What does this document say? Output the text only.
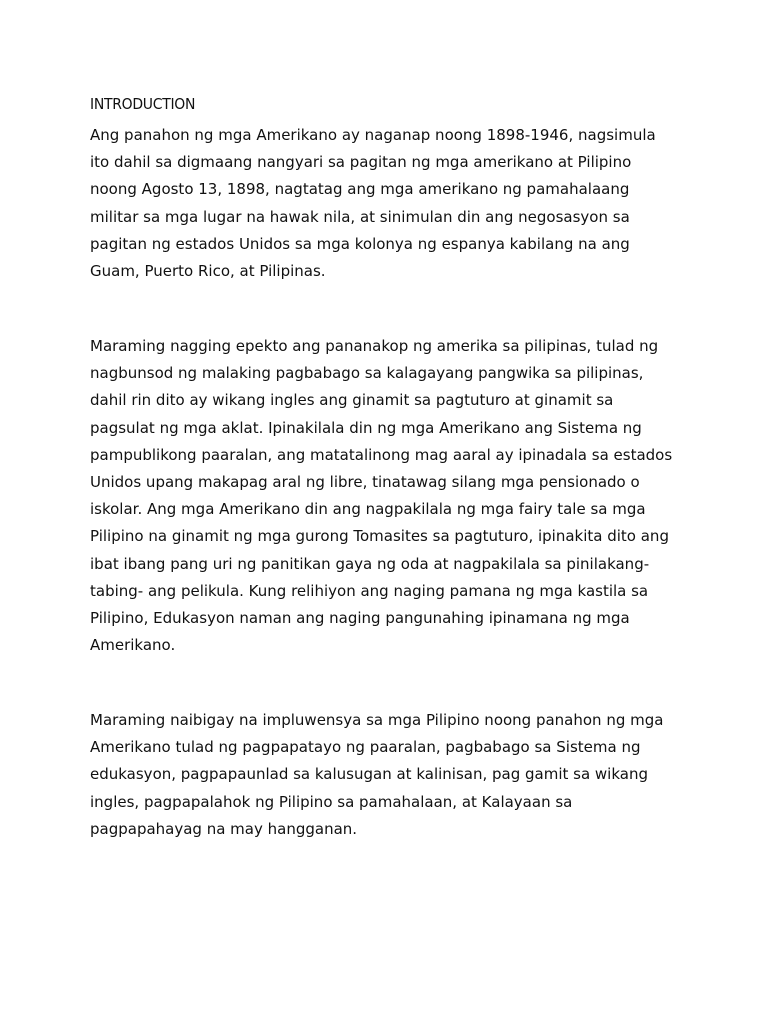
INTRODUCTION

Ang panahon ng mga Amerikano ay naganap noong 1898-1946, nagsimula
ito dahil sa digmaang nangyari sa pagitan ng mga amerikano at Pilipino
noong Agosto 13, 1898, nagtatag ang mga amerikano ng pamahalaang
militar sa mga lugar na hawak nila, at sinimulan din ang negosasyon sa
pagitan ng estados Unidos sa mga kolonya ng espanya kabilang na ang
Guam, Puerto Rico, at Pilipinas.

Maraming nagging epekto ang pananakop ng amerika sa pilipinas, tulad ng
nagbunsod ng malaking pagbabago sa kalagayang pangwika sa pilipinas,
dahil rin dito ay wikang ingles ang ginamit sa pagtuturo at ginamit sa
pagsulat ng mga aklat. Ipinakilala din ng mga Amerikano ang Sistema ng
pampublikong paaralan, ang matatalinong mag aaral ay ipinadala sa estados
Unidos upang makapag aral ng libre, tinatawag silang mga pensionado o
iskolar. Ang mga Amerikano din ang nagpakilala ng mga fairy tale sa mga
Pilipino na ginamit ng mga gurong Tomasites sa pagtuturo, ipinakita dito ang
ibat ibang pang uri ng panitikan gaya ng oda at nagpakilala sa pinilakang-
tabing- ang pelikula. Kung relihiyon ang naging pamana ng mga kastila sa
Pilipino, Edukasyon naman ang naging pangunahing ipinamana ng mga
Amerikano.

Maraming naibigay na impluwensya sa mga Pilipino noong panahon ng mga
Amerikano tulad ng pagpapatayo ng paaralan, pagbabago sa Sistema ng
edukasyon, pagpapaunlad sa kalusugan at kalinisan, pag gamit sa wikang
ingles, pagpapalahok ng Pilipino sa pamahalaan, at Kalayaan sa
pagpapahayag na may hangganan.
